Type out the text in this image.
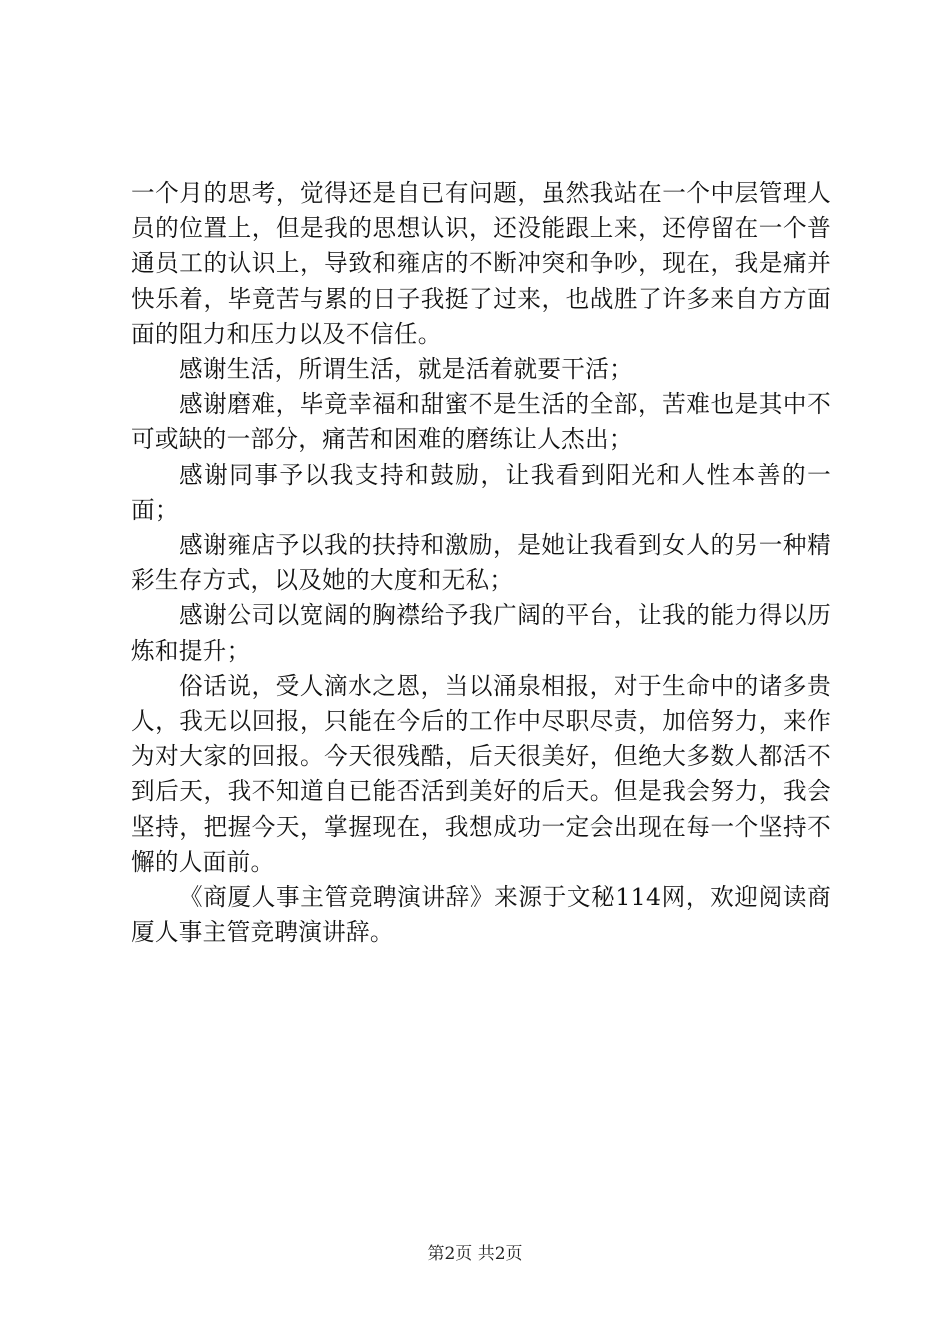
一个月的思考，觉得还是自已有问题，虽然我站在一个中层管理人员的位置上，但是我的思想认识，还没能跟上来，还停留在一个普通员工的认识上，导致和雍店的不断冲突和争吵，现在，我是痛并快乐着，毕竟苦与累的日子我挺了过来，也战胜了许多来自方方面面的阻力和压力以及不信任。

感谢生活，所谓生活，就是活着就要干活；

感谢磨难，毕竟幸福和甜蜜不是生活的全部，苦难也是其中不可或缺的一部分，痛苦和困难的磨练让人杰出；

感谢同事予以我支持和鼓励，让我看到阳光和人性本善的一面；

感谢雍店予以我的扶持和激励，是她让我看到女人的另一种精彩生存方式，以及她的大度和无私；

感谢公司以宽阔的胸襟给予我广阔的平台，让我的能力得以历炼和提升；

俗话说，受人滴水之恩，当以涌泉相报，对于生命中的诸多贵人，我无以回报，只能在今后的工作中尽职尽责，加倍努力，来作为对大家的回报。今天很残酷，后天很美好，但绝大多数人都活不到后天，我不知道自已能否活到美好的后天。但是我会努力，我会坚持，把握今天，掌握现在，我想成功一定会出现在每一个坚持不懈的人面前。

《商厦人事主管竞聘演讲辞》来源于文秘114网，欢迎阅读商厦人事主管竞聘演讲辞。

第2页 共2页
